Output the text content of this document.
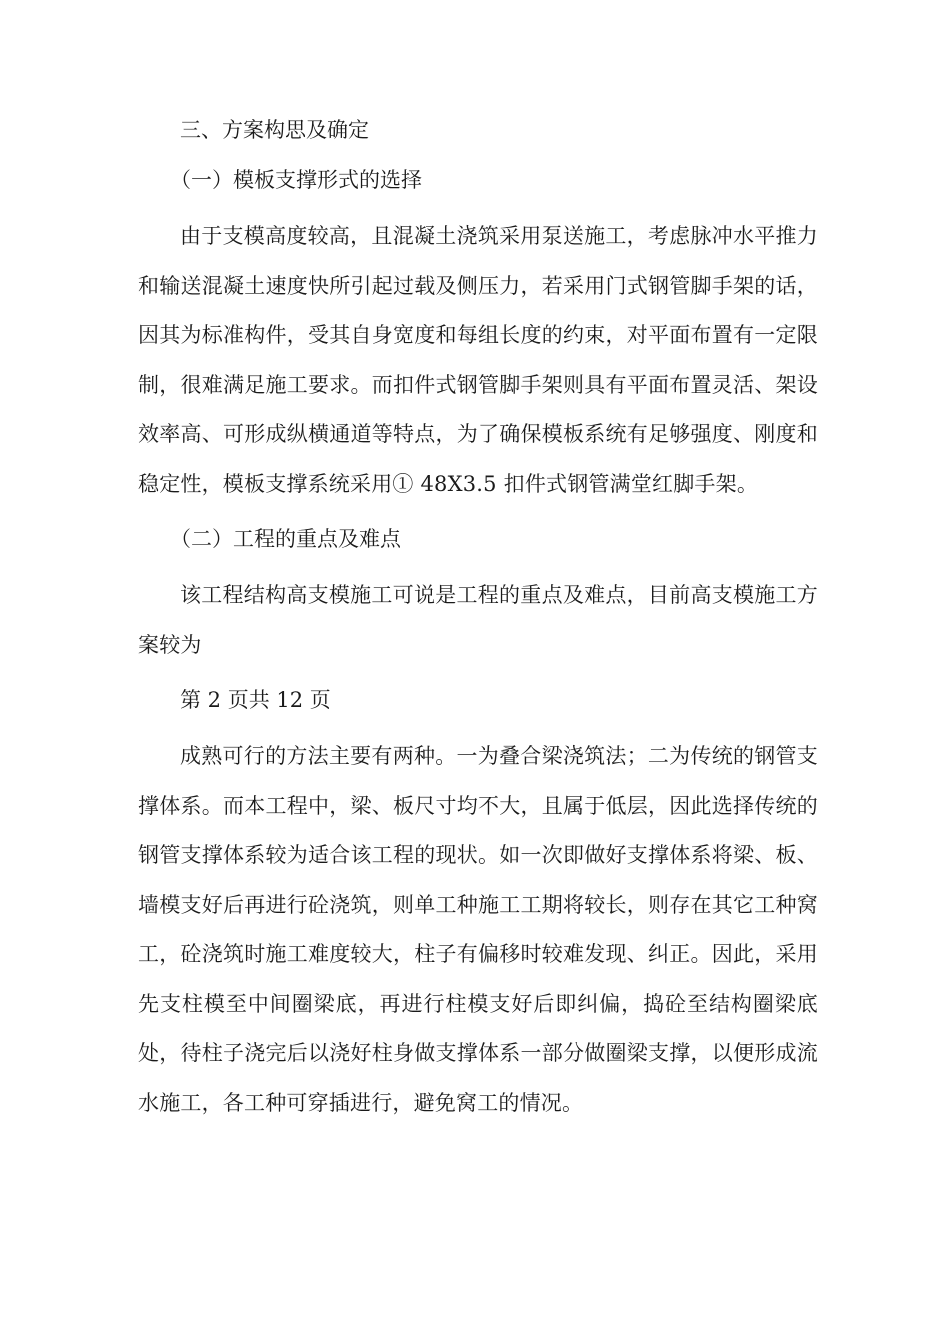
三、方案构思及确定

（一）模板支撑形式的选择

由于支模高度较高，且混凝土浇筑采用泵送施工，考虑脉冲水平推力和输送混凝土速度快所引起过载及侧压力，若采用门式钢管脚手架的话，因其为标准构件，受其自身宽度和每组长度的约束，对平面布置有一定限制，很难满足施工要求。而扣件式钢管脚手架则具有平面布置灵活、架设效率高、可形成纵横通道等特点，为了确保模板系统有足够强度、刚度和稳定性，模板支撑系统采用① 48X3.5 扣件式钢管满堂红脚手架。

（二）工程的重点及难点

该工程结构高支模施工可说是工程的重点及难点，目前高支模施工方案较为

第 2 页共 12 页

成熟可行的方法主要有两种。一为叠合梁浇筑法；二为传统的钢管支撑体系。而本工程中，梁、板尺寸均不大，且属于低层，因此选择传统的钢管支撑体系较为适合该工程的现状。如一次即做好支撑体系将梁、板、墙模支好后再进行砼浇筑，则单工种施工工期将较长，则存在其它工种窝工，砼浇筑时施工难度较大，柱子有偏移时较难发现、纠正。因此，采用先支柱模至中间圈梁底，再进行柱模支好后即纠偏，捣砼至结构圈梁底处，待柱子浇完后以浇好柱身做支撑体系一部分做圈梁支撑，以便形成流水施工，各工种可穿插进行，避免窝工的情况。
